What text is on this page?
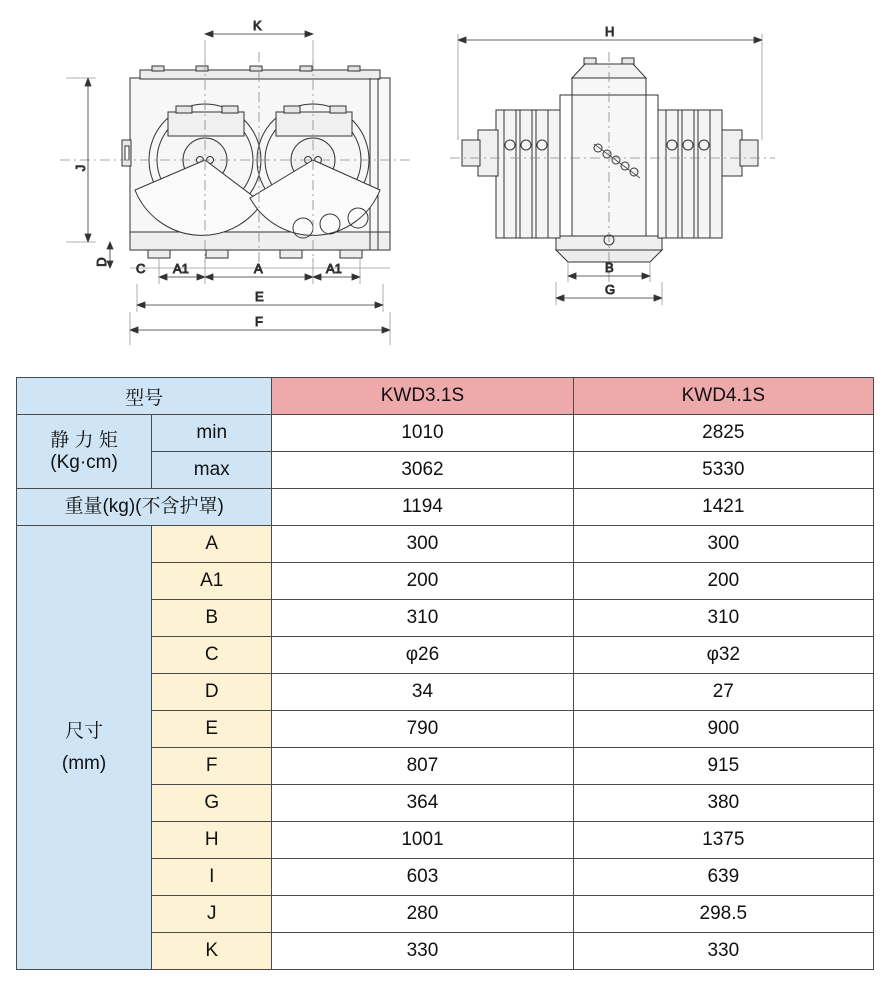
K
J
D C A1	A	A1
E
F
H
B
G
型号		KWD3.1S	KWD4.1S

静 力 矩
(Kg·cm)	min	1010	2825
	max	3062	5330
重量(kg)(不含护罩)		1194	1421

尺寸
(mm)	A	300	300
	A1	200	200
	B	310	310
	C	φ26	φ32
	D	34	27
	E	790	900
	F	807	915
	G	364	380
	H	1001	1375
	I	603	639
	J	280	298.5
	K	330	330
